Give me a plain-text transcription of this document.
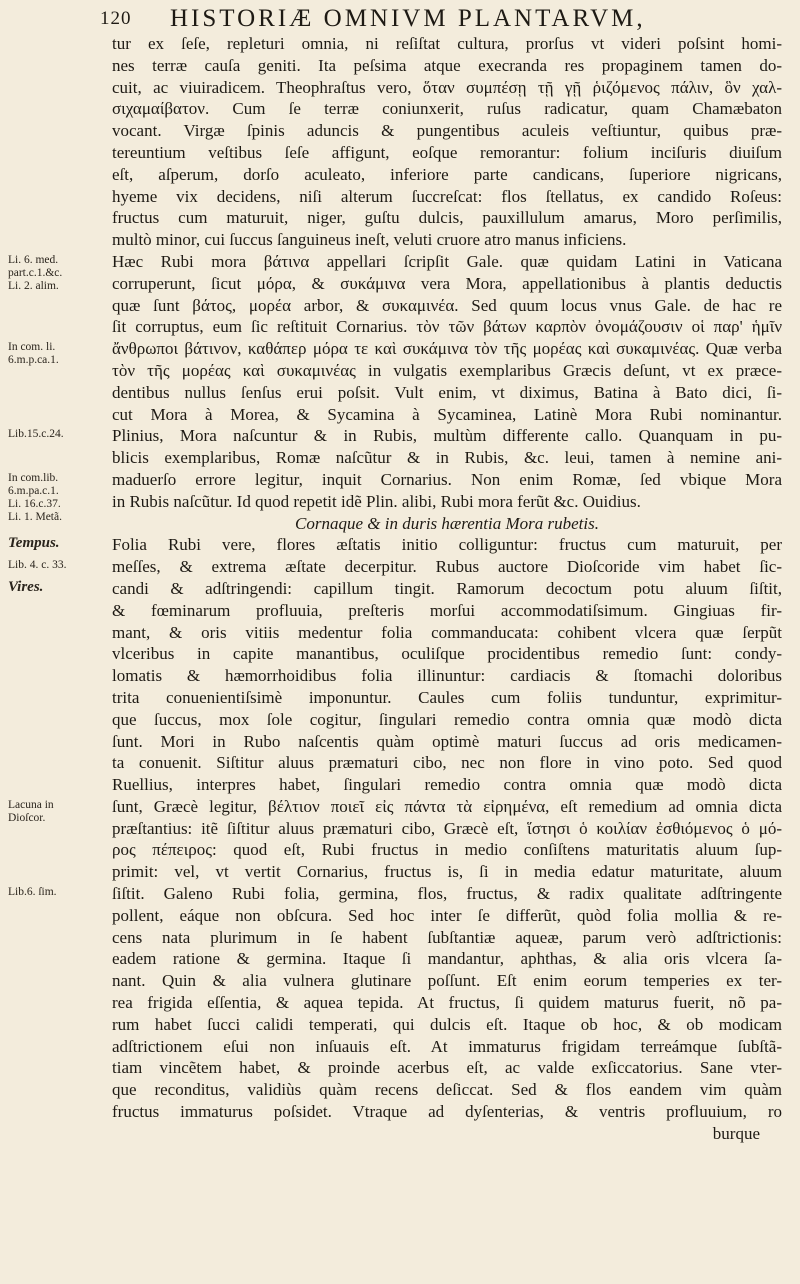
120	HISTORIÆ OMNIVM PLANTARVM,
tur ex ſeſe, repleturi omnia, ni reſiſtat cultura, prorſus vt videri poſsint homi-
nes terræ cauſa geniti. Ita peſsima atque execranda res propaginem tamen do-
cuit, ac viuiradicem. Theophraſtus vero, ὅταν συμπέσῃ τῇ γῇ ῥιζόμενος πάλιν, ὃν χαλ-
σιχαμαίβατον. Cum ſe terræ coniunxerit, ruſus radicatur, quam Chamæbaton
vocant. Virgæ ſpinis aduncis & pungentibus aculeis veſtiuntur, quibus præ-
tereuntium veſtibus ſeſe affigunt, eoſque remorantur: folium inciſuris diuiſum
eſt, aſperum, dorſo aculeato, inferiore parte candicans, ſuperiore nigricans,
hyeme vix decidens, niſi alterum ſuccreſcat: flos ſtellatus, ex candido Roſeus:
fructus cum maturuit, niger, guſtu dulcis, pauxillulum amarus, Moro perſimilis,
multò minor, cui ſuccus ſanguineus ineſt, veluti cruore atro manus inficiens.
Hæc Rubi mora βάτινα appellari ſcripſit Gale. quæ quidam Latini in Vaticana
corruperunt, ſicut μόρα, & συκάμινα vera Mora, appellationibus à plantis deductis
quæ ſunt βάτος, μορέα arbor, & συκαμινέα. Sed quum locus vnus Gale. de hac re
ſit corruptus, eum ſic reſtituit Cornarius. τὸν τῶν βάτων καρπὸν ὀνομάζουσιν οἱ παρ' ἡμῖν
ἄνθρωποι βάτινον, καθάπερ μόρα τε καὶ συκάμινα τὸν τῆς μορέας καὶ συκαμινέας. Quæ verba
τὸν τῆς μορέας καὶ συκαμινέας in vulgatis exemplaribus Græcis deſunt, vt ex præce-
dentibus nullus ſenſus erui poſsit. Vult enim, vt diximus, Batina à Bato dici, ſi-
cut Mora à Morea, & Sycamina à Sycaminea, Latinè Mora Rubi nominantur.
Plinius, Mora naſcuntur & in Rubis, multùm differente callo. Quanquam in pu-
blicis exemplaribus, Romæ naſcũtur & in Rubis, &c. leui, tamen à nemine ani-
maduerſo errore legitur, inquit Cornarius. Non enim Romæ, ſed vbique Mora
in Rubis naſcũtur. Id quod repetit idẽ Plin. alibi, Rubi mora ferũt &c. Ouidius.
Cornaque & in duris hærentia Mora rubetis.
Folia Rubi vere, flores æſtatis initio colliguntur: fructus cum maturuit, per
meſſes, & extrema æſtate decerpitur. Rubus auctore Dioſcoride vim habet ſic-
candi & adſtringendi: capillum tingit. Ramorum decoctum potu aluum ſiſtit,
& fœminarum profluuia, preſteris morſui accommodatiſsimum. Gingiuas fir-
mant, & oris vitiis medentur folia commanducata: cohibent vlcera quæ ſerpũt
vlceribus in capite manantibus, oculiſque procidentibus remedio ſunt: condy-
lomatis & hæmorrhoidibus folia illinuntur: cardiacis & ſtomachi doloribus
trita conuenientiſsimè imponuntur. Caules cum foliis tunduntur, exprimitur-
que ſuccus, mox ſole cogitur, ſingulari remedio contra omnia quæ modò dicta
ſunt. Mori in Rubo naſcentis quàm optimè maturi ſuccus ad oris medicamen-
ta conuenit. Siſtitur aluus præmaturi cibo, nec non flore in vino poto. Sed quod
Ruellius, interpres habet, ſingulari remedio contra omnia quæ modò dicta
ſunt, Græcè legitur, βέλτιον ποιεῖ εἰς πάντα τὰ εἰρημένα, eſt remedium ad omnia dicta
præſtantius: itẽ ſiſtitur aluus præmaturi cibo, Græcè eſt, ἵστησι ὁ κοιλίαν ἐσθιόμενος ὁ μό-
ρος πέπειρος: quod eſt, Rubi fructus in medio conſiſtens maturitatis aluum ſup-
primit: vel, vt vertit Cornarius, fructus is, ſi in media edatur maturitate, aluum
ſiſtit. Galeno Rubi folia, germina, flos, fructus, & radix qualitate adſtringente
pollent, eáque non obſcura. Sed hoc inter ſe differũt, quòd folia mollia & re-
cens nata plurimum in ſe habent ſubſtantiæ aqueæ, parum verò adſtrictionis:
eadem ratione & germina. Itaque ſi mandantur, aphthas, & alia oris vlcera ſa-
nant. Quin & alia vulnera glutinare poſſunt. Eſt enim eorum temperies ex ter-
rea frigida eſſentia, & aquea tepida. At fructus, ſi quidem maturus fuerit, nõ pa-
rum habet ſucci calidi temperati, qui dulcis eſt. Itaque ob hoc, & ob modicam
adſtrictionem eſui non inſuauis eſt. At immaturus frigidam terreámque ſubſtã-
tiam vincẽtem habet, & proinde acerbus eſt, ac valde exſiccatorius. Sane vter-
que reconditus, validiùs quàm recens deſiccat. Sed & flos eandem vim quàm
fructus immaturus poſsidet. Vtraque ad dyſenterias, & ventris profluuium, ro
burque
Li. 6. med.
part.c.1.&c.
Li. 2. alim.
In com. li.
6.m.p.ca.1.
Lib.15.c.24.
In com.lib.
6.m.pa.c.1.
Li. 16.c.37.
Li. 1. Metã.
Tempus.
Lib. 4. c. 33.
Vires.
Lacuna in
Dioſcor.
Lib.6. ſim.
